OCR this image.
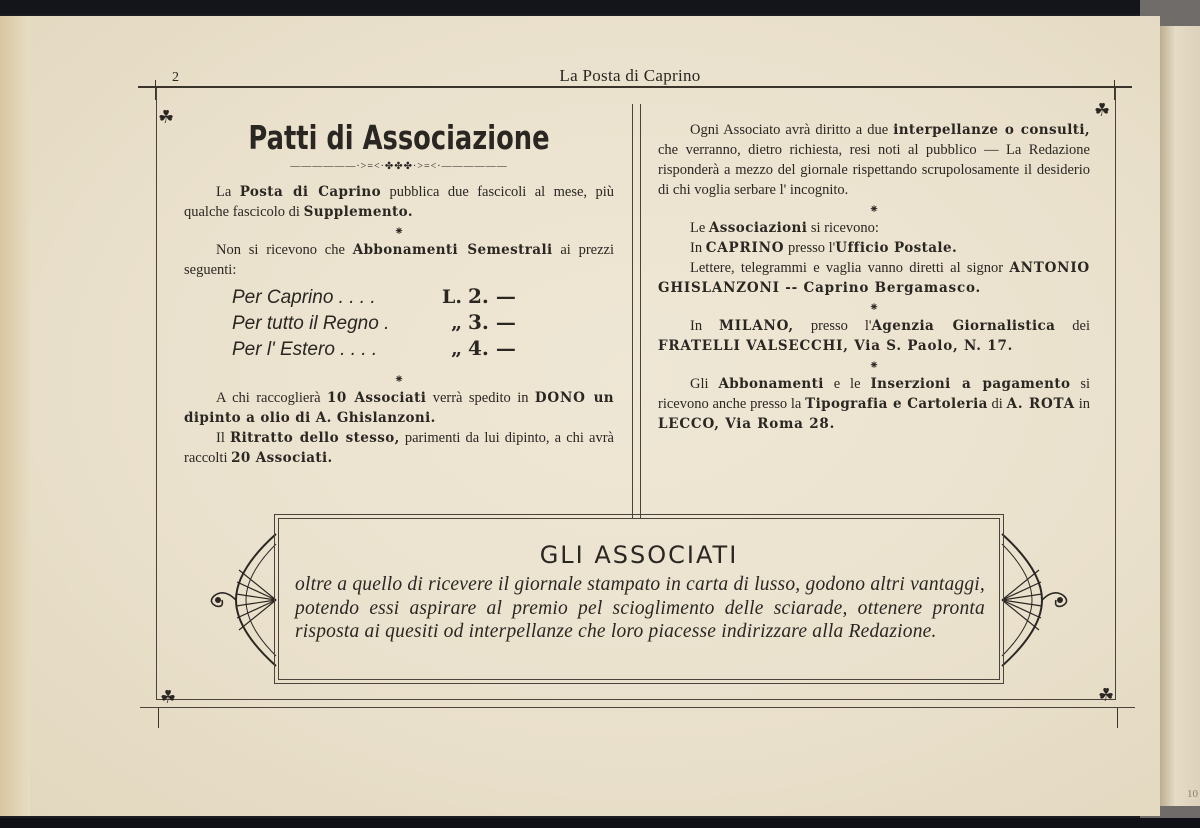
10
2	La Posta di Caprino
☘	☘
☘	☘
Patti di Associazione
——————·>=<·✤✤✤·>=<·——————

La Posta di Caprino pubblica due fascicoli al mese, più qualche fascicolo di Supplemento.

⁕

Non si ricevono che Abbonamenti Semestrali ai prezzi seguenti:

Per Caprino . . . .	L. 2. —
Per tutto il Regno .	„ 3. —
Per l' Estero . . . .	„ 4. —
⁕

A chi raccoglierà 10 Associati verrà spedito in DONO un dipinto a olio di A. Ghislanzoni.

Il Ritratto dello stesso, parimenti da lui dipinto, a chi avrà raccolti 20 Associati.

Ogni Associato avrà diritto a due interpellanze o consulti, che verranno, dietro richiesta, resi noti al pubblico — La Redazione risponderà a mezzo del giornale rispettando scrupolosamente il desiderio di chi voglia serbare l' incognito.

⁕

Le Associazioni si ricevono:

In CAPRINO presso l'Ufficio Postale.

Lettere, telegrammi e vaglia vanno diretti al signor ANTONIO GHISLANZONI -- Caprino Bergamasco.

⁕

In MILANO, presso l'Agenzia Giornalistica dei FRATELLI VALSECCHI, Via S. Paolo, N. 17.

⁕

Gli Abbonamenti e le Inserzioni a pagamento si ricevono anche presso la Tipografia e Cartoleria di A. ROTA in LECCO, Via Roma 28.

GLI ASSOCIATI
oltre a quello di ricevere il giornale stampato in carta di lusso, godono altri vantaggi, potendo essi aspirare al premio pel scioglimento delle sciarade, ottenere pronta risposta ai quesiti od interpellanze che loro piacesse indirizzare alla Redazione.
